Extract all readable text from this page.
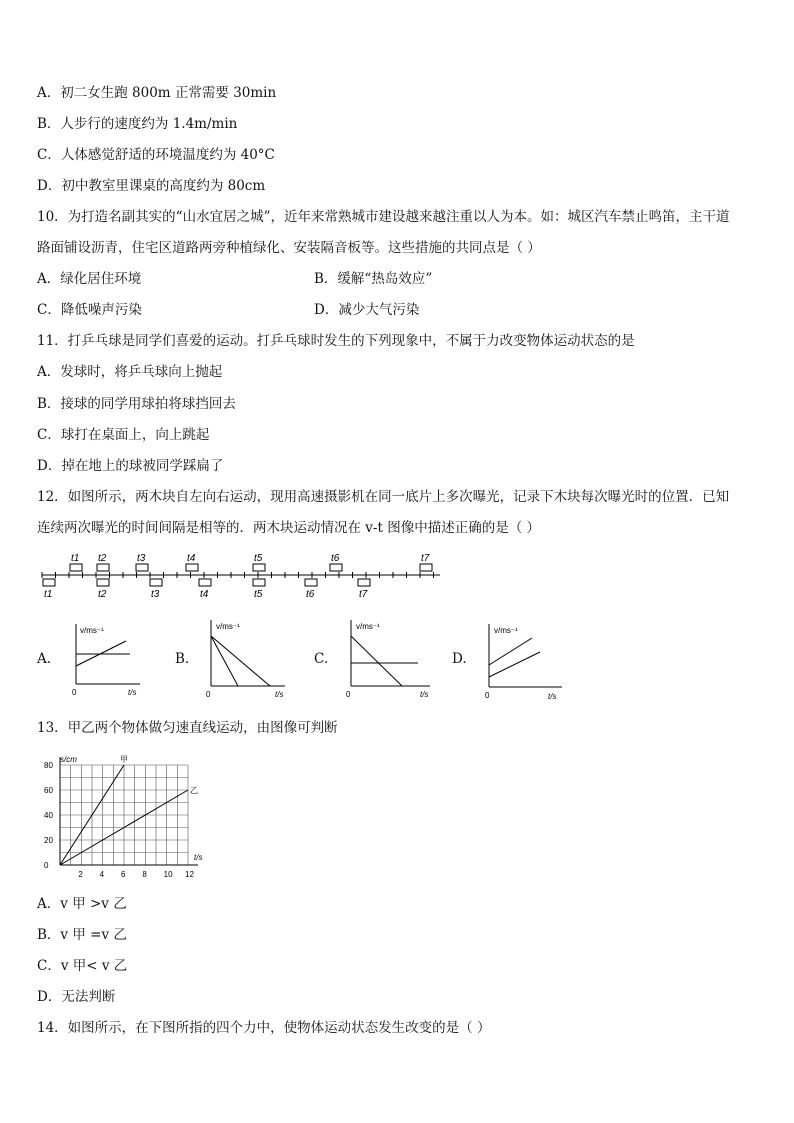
A．初二女生跑 800m 正常需要 30min
B．人步行的速度约为 1.4m/min
C．人体感觉舒适的环境温度约为 40°C
D．初中教室里课桌的高度约为 80cm
10．为打造名副其实的“山水宜居之城”，近年来常熟城市建设越来越注重以人为本。如：城区汽车禁止鸣笛，主干道
路面铺设沥青，住宅区道路两旁种植绿化、安装隔音板等。这些措施的共同点是（ ）
A．绿化居住环境	B．缓解“热岛效应”
C．降低噪声污染	D．减少大气污染
11．打乒乓球是同学们喜爱的运动。打乒乓球时发生的下列现象中，不属于力改变物体运动状态的是
A．发球时，将乒乓球向上抛起
B．接球的同学用球拍将球挡回去
C．球打在桌面上，向上跳起
D．掉在地上的球被同学踩扁了
12．如图所示，两木块自左向右运动，现用高速摄影机在同一底片上多次曝光，记录下木块每次曝光时的位置．已知
连续两次曝光的时间间隔是相等的．两木块运动情况在 v-t 图像中描述正确的是（ ）
t1 t2	t3	t4	t5	t6	t7
t1	t2	t3	t4	t5	t6	t7
A.	B.	C.	D.
v/ms⁻¹
0	t/s
v/ms⁻¹
0	t/s
v/ms⁻¹
0	t/s
v/ms⁻¹
0	t/s
13．甲乙两个物体做匀速直线运动，由图像可判断
80
60
40
20
0
2 4 6 8 10 12
s/cm
t/s
甲
乙
A．v 甲 >v 乙
B．v 甲 =v 乙
C．v 甲< v 乙
D．无法判断
14．如图所示，在下图所指的四个力中，使物体运动状态发生改变的是（ ）
